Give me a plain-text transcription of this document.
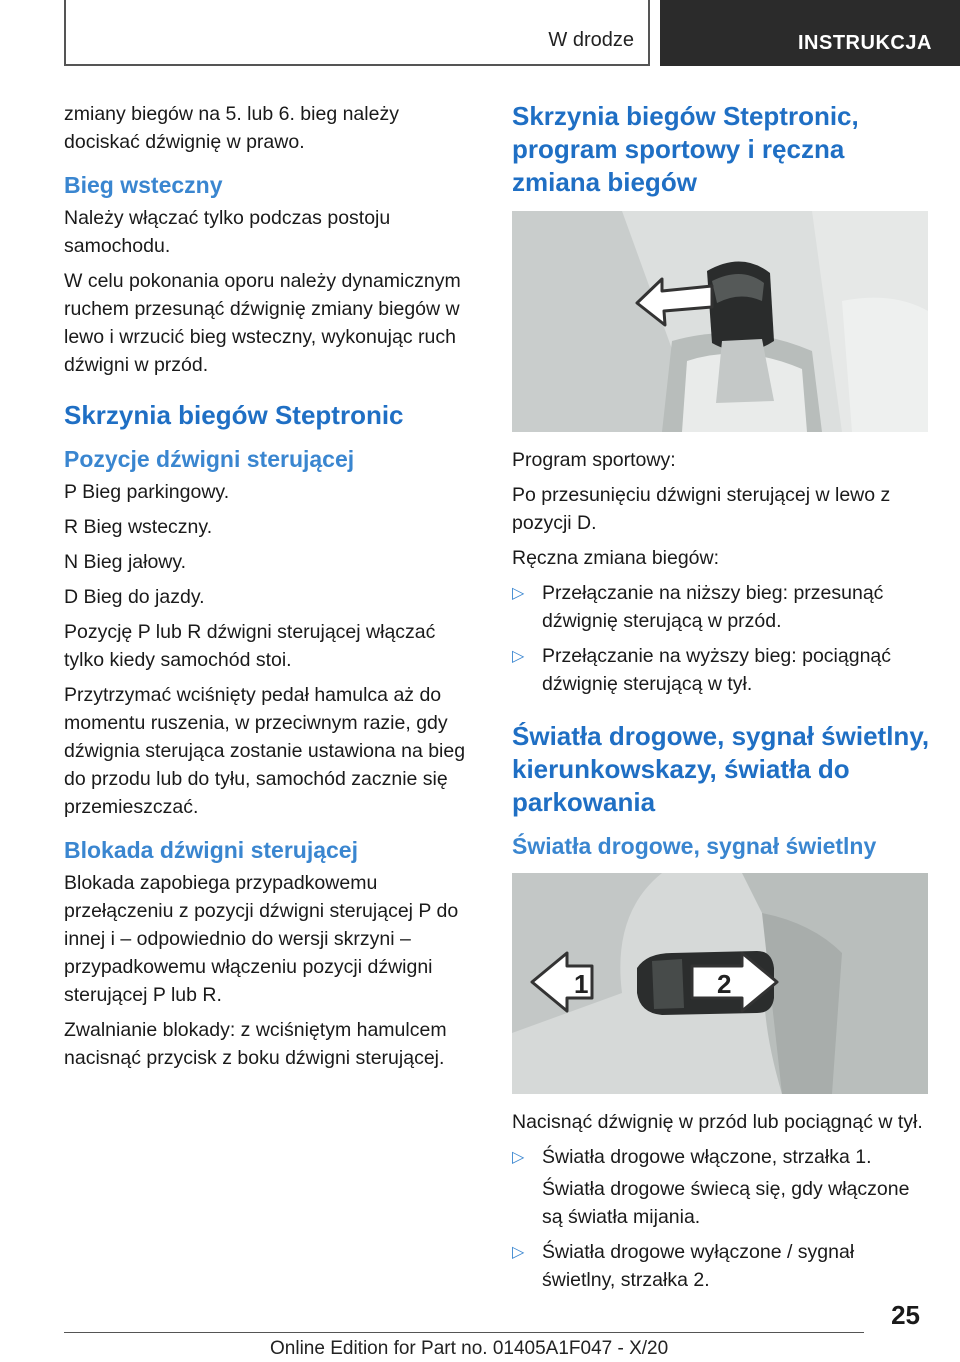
W drodze	INSTRUKCJA

zmiany biegów na 5. lub 6. bieg należy dociskać dźwignię w prawo.

Bieg wsteczny

Należy włączać tylko podczas postoju samochodu.

W celu pokonania oporu należy dynamicznym ruchem przesunąć dźwignię zmiany biegów w lewo i wrzucić bieg wsteczny, wykonując ruch dźwigni w przód.

Skrzynia biegów Steptronic
Pozycje dźwigni sterującej

P Bieg parkingowy.

R Bieg wsteczny.

N Bieg jałowy.

D Bieg do jazdy.

Pozycję P lub R dźwigni sterującej włączać tylko kiedy samochód stoi.

Przytrzymać wciśnięty pedał hamulca aż do momentu ruszenia, w przeciwnym razie, gdy dźwignia sterująca zostanie ustawiona na bieg do przodu lub do tyłu, samochód zacznie się przemieszczać.

Blokada dźwigni sterującej

Blokada zapobiega przypadkowemu przełączeniu z pozycji dźwigni sterującej P do innej i – odpowiednio do wersji skrzyni – przypadkowemu włączeniu pozycji dźwigni sterującej P lub R.

Zwalnianie blokady: z wciśniętym hamulcem nacisnąć przycisk z boku dźwigni sterującej.

Skrzynia biegów Steptronic, program sportowy i ręczna zmiana biegów

Program sportowy:

Po przesunięciu dźwigni sterującej w lewo z pozycji D.

Ręczna zmiana biegów:

▷ Przełączanie na niższy bieg: przesunąć dźwignię sterującą w przód.
▷ Przełączanie na wyższy bieg: pociągnąć dźwignię sterującą w tył.
Światła drogowe, sygnał świetlny, kierunkowskazy, światła do parkowania
Światła drogowe, sygnał świetlny
1	2

Nacisnąć dźwignię w przód lub pociągnąć w tył.

▷ Światła drogowe włączone, strzałka 1.

Światła drogowe świecą się, gdy włączone są światła mijania.

▷ Światła drogowe wyłączone / sygnał świetlny, strzałka 2.
25
Online Edition for Part no. 01405A1F047 - X/20
